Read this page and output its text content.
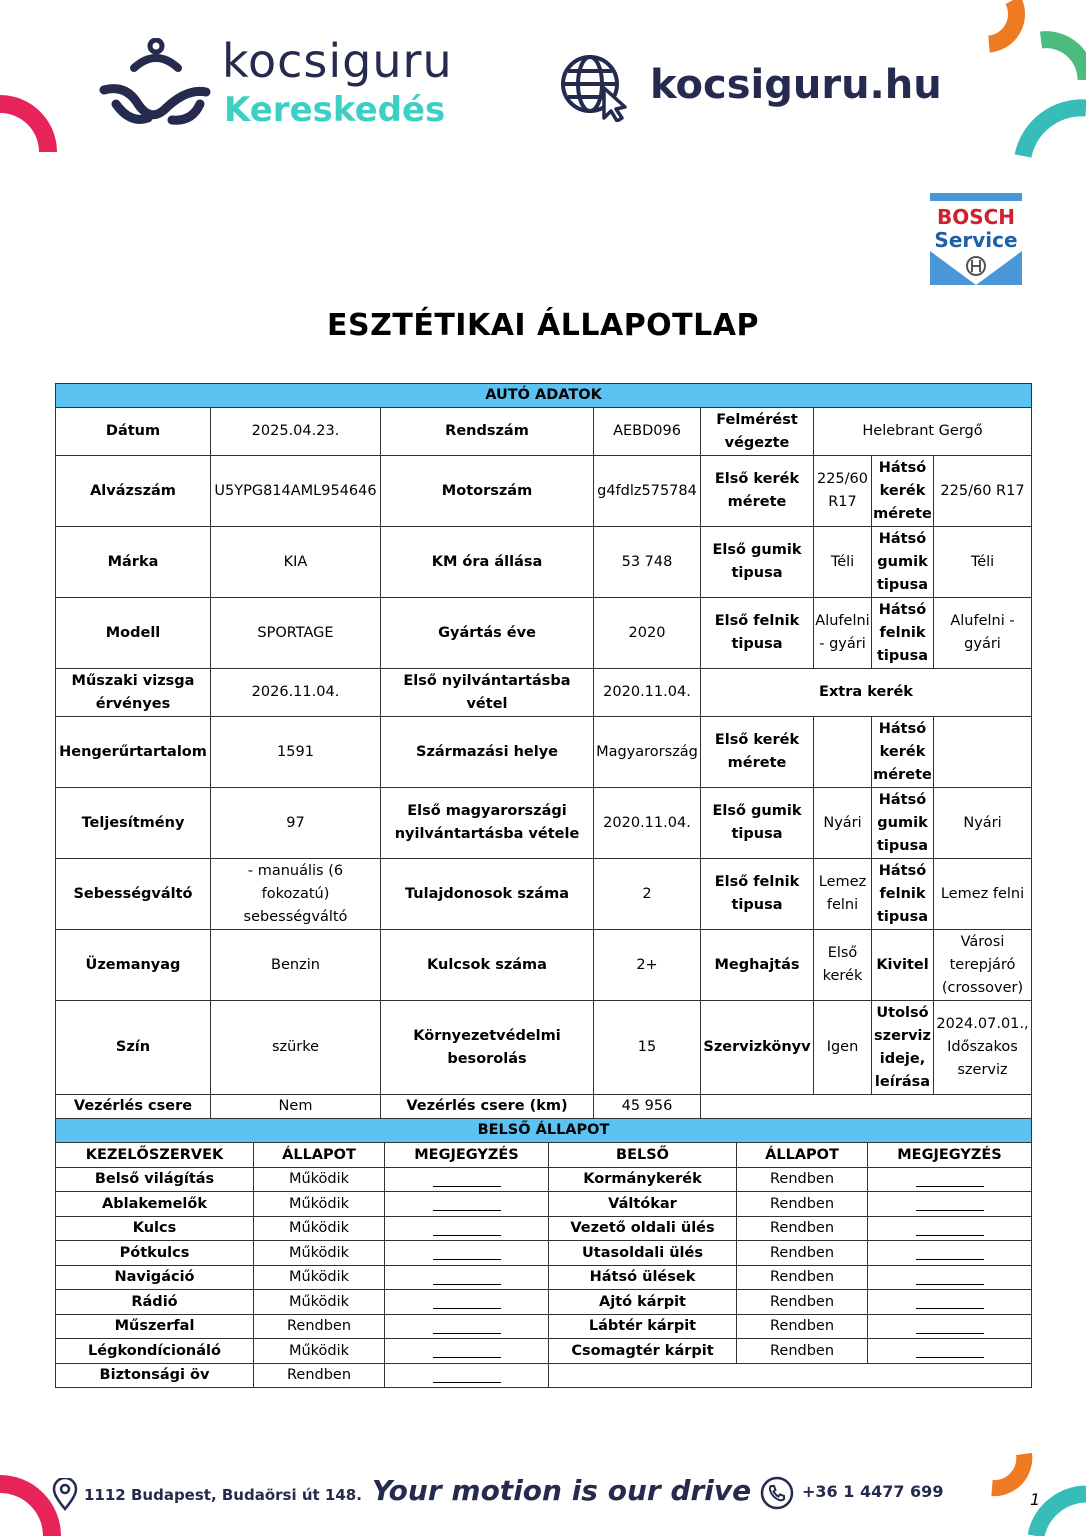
kocsiguru
Kereskedés
kocsiguru.hu
BOSCH
Service
ESZTÉTIKAI ÁLLAPOTLAP
AUTÓ ADATOK							
Dátum	2025.04.23.	Rendszám	AEBD096	Felmérést végezte	Helebrant Gergő		
Alvázszám	U5YPG814AML954646	Motorszám	g4fdlz575784	Első kerék mérete	225/60 R17	Hátsó kerék mérete	225/60 R17
Márka	KIA	KM óra állása	53 748	Első gumik tipusa	Téli	Hátsó gumik tipusa	Téli
Modell	SPORTAGE	Gyártás éve	2020	Első felnik tipusa	Alufelni - gyári	Hátsó felnik tipusa	Alufelni - gyári
Műszaki vizsga érvényes	2026.11.04.	Első nyilvántartásba vétel	2020.11.04.	Extra kerék			
Hengerűrtartalom	1591	Származási helye	Magyarország	Első kerék mérete		Hátsó kerék mérete	
Teljesítmény	97	Első magyarországi nyilvántartásba vétele	2020.11.04.	Első gumik tipusa	Nyári	Hátsó gumik tipusa	Nyári
Sebességváltó	- manuális (6 fokozatú) sebességváltó	Tulajdonosok száma	2	Első felnik tipusa	Lemez felni	Hátsó felnik tipusa	Lemez felni
Üzemanyag	Benzin	Kulcsok száma	2+	Meghajtás	Első kerék	Kivitel	Városi terepjáró (crossover)
Szín	szürke	Környezetvédelmi besorolás	15	Szervizkönyv	Igen	Utolsó szerviz ideje, leírása	2024.07.01., Időszakos szerviz
Vezérlés csere	Nem	Vezérlés csere (km)	45 956				
BELSŐ ÁLLAPOT							
KEZELŐSZERVEK	ÁLLAPOT	MEGJEGYZÉS	BELSŐ	ÁLLAPOT	MEGJEGYZÉS
Belső világítás	Működik		Kormánykerék	Rendben	
Ablakemelők	Működik		Váltókar	Rendben	
Kulcs	Működik		Vezető oldali ülés	Rendben	
Pótkulcs	Működik		Utasoldali ülés	Rendben	
Navigáció	Működik		Hátsó ülések	Rendben	
Rádió	Működik		Ajtó kárpit	Rendben	
Műszerfal	Rendben		Lábtér kárpit	Rendben	
Légkondícionáló	Működik		Csomagtér kárpit	Rendben	
Biztonsági öv	Rendben				
1112 Budapest, Budaörsi út 148. Your motion is our drive	+36 1 4477 699	1
